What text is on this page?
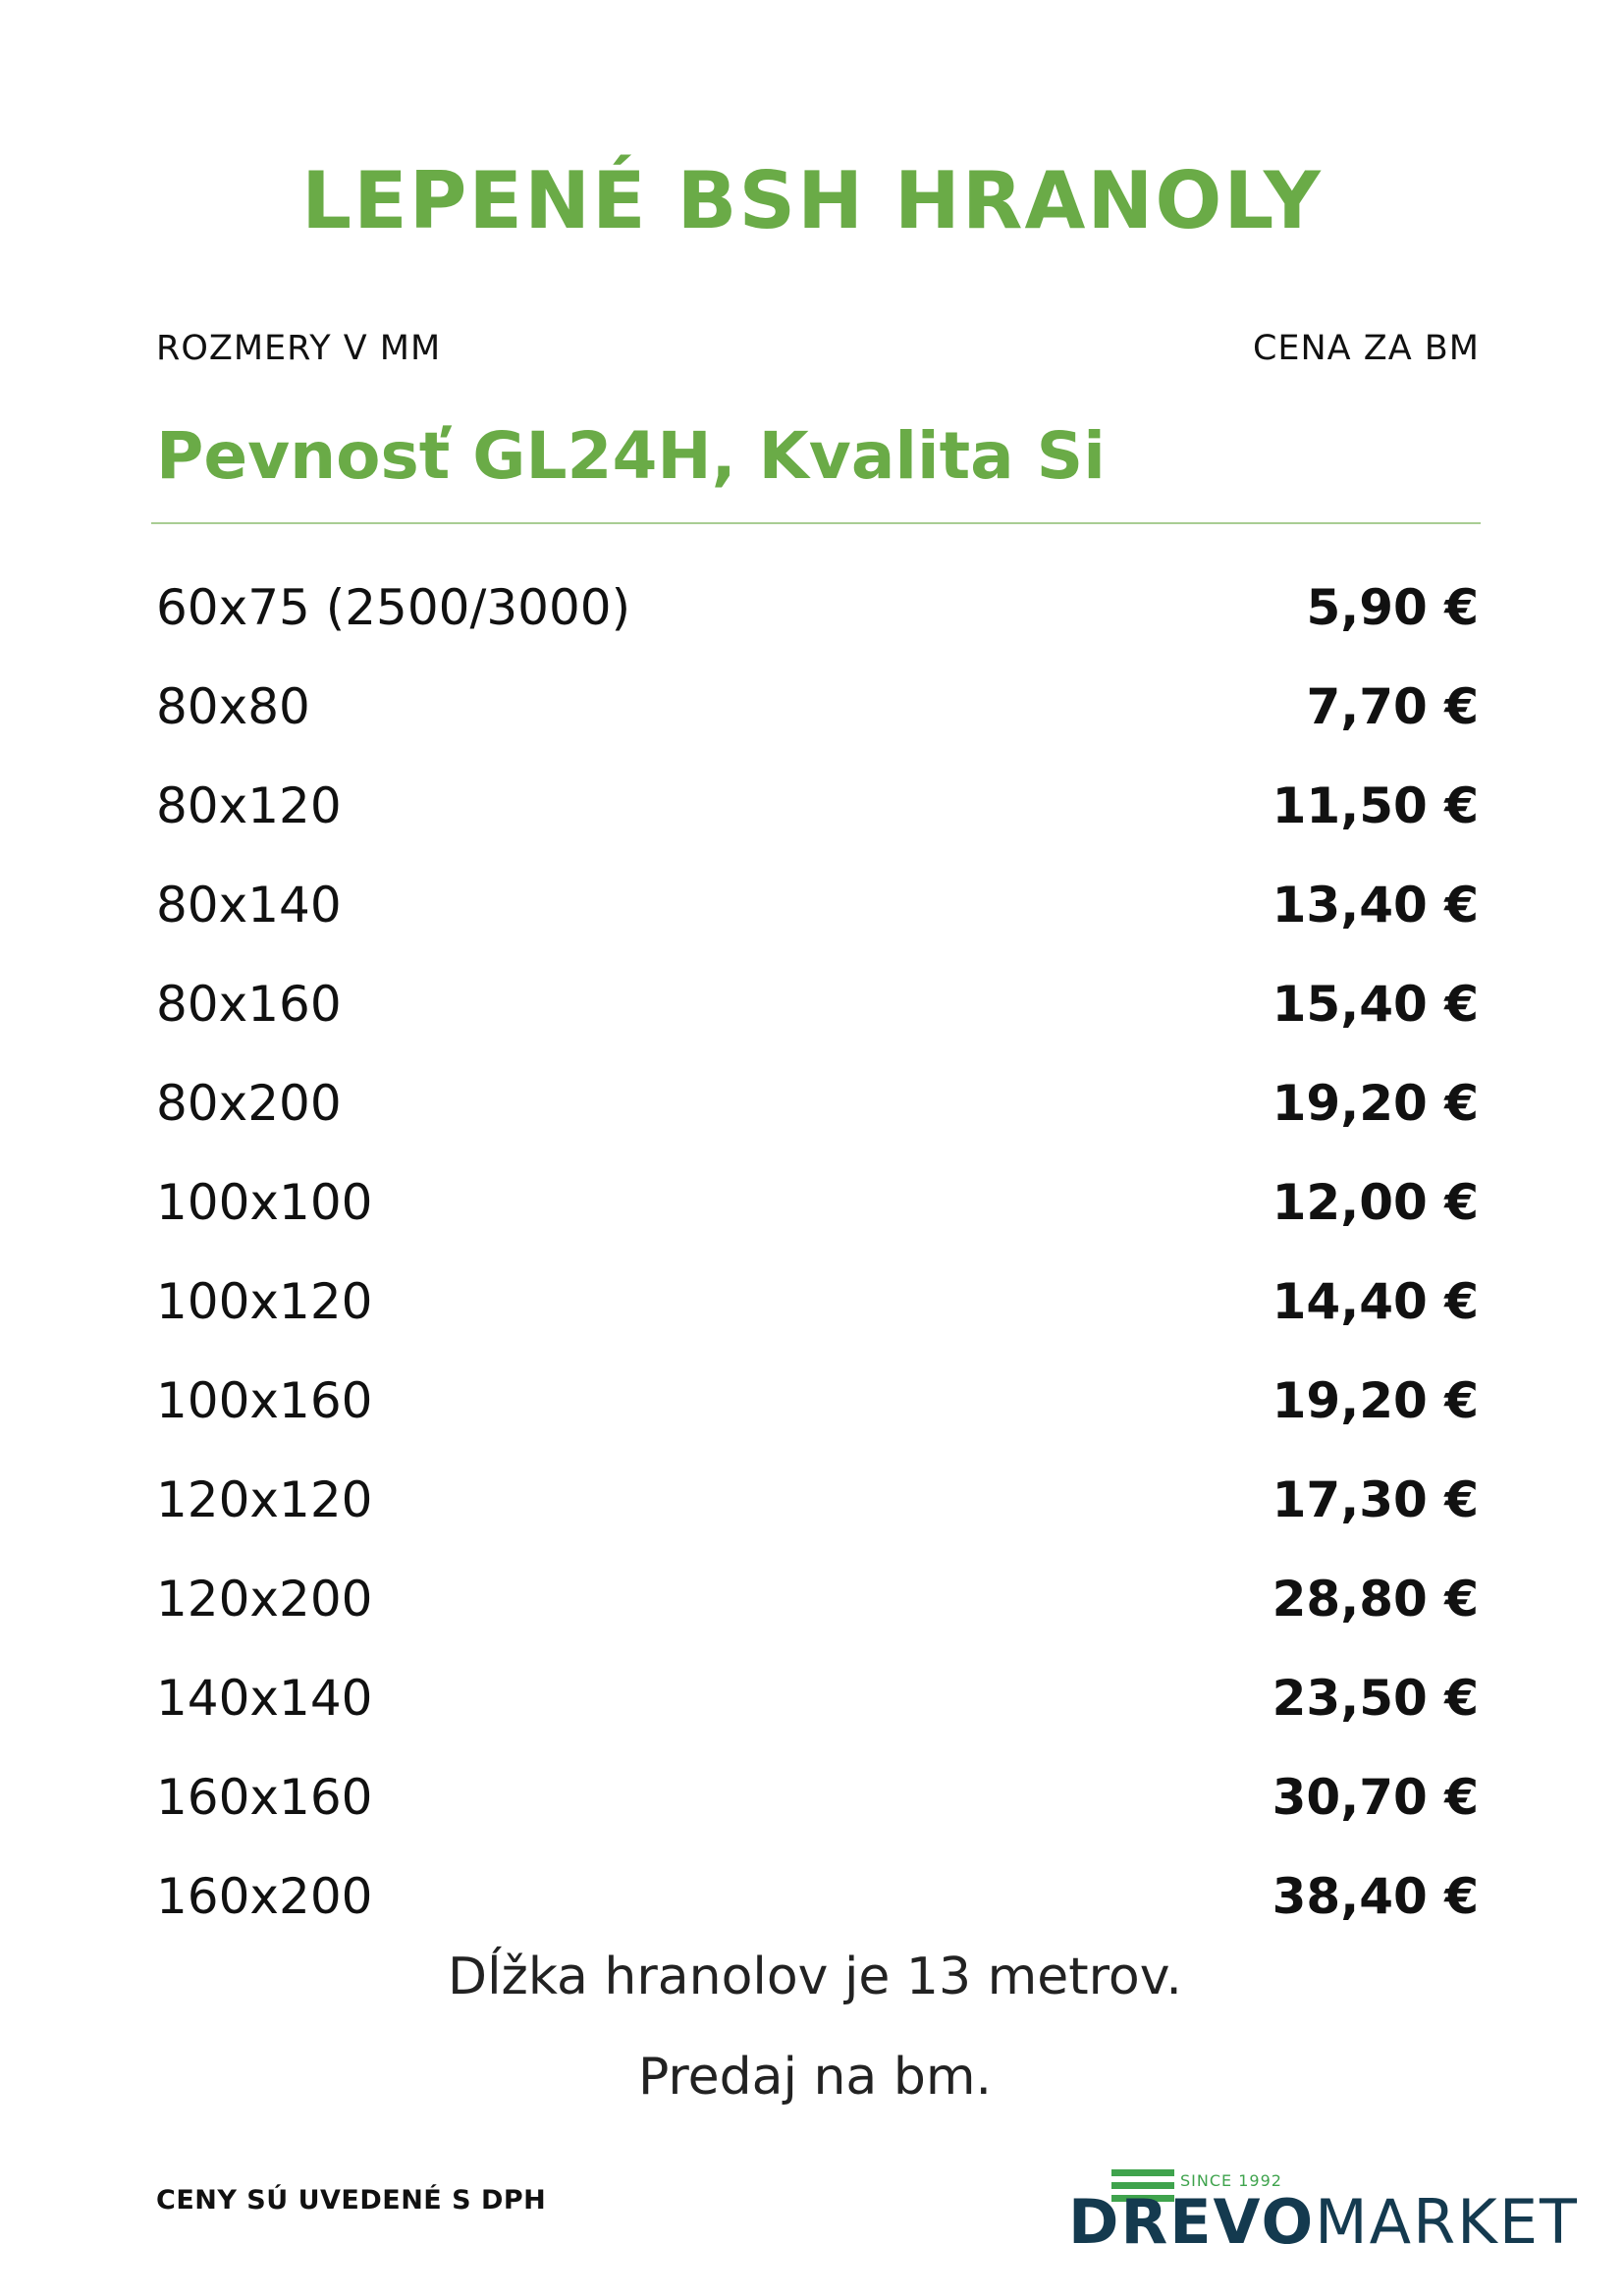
LEPENÉ BSH HRANOLY
ROZMERY V MM	CENA ZA BM
Pevnosť GL24H, Kvalita Si
60x75 (2500/3000)	5,90 €
80x80	7,70 €
80x120	11,50 €
80x140	13,40 €
80x160	15,40 €
80x200	19,20 €
100x100	12,00 €
100x120	14,40 €
100x160	19,20 €
120x120	17,30 €
120x200	28,80 €
140x140	23,50 €
160x160	30,70 €
160x200	38,40 €
Dĺžka hranolov je 13 metrov.
Predaj na bm.
CENY SÚ UVEDENÉ S DPH
SINCE 1992
DREVOMARKET
